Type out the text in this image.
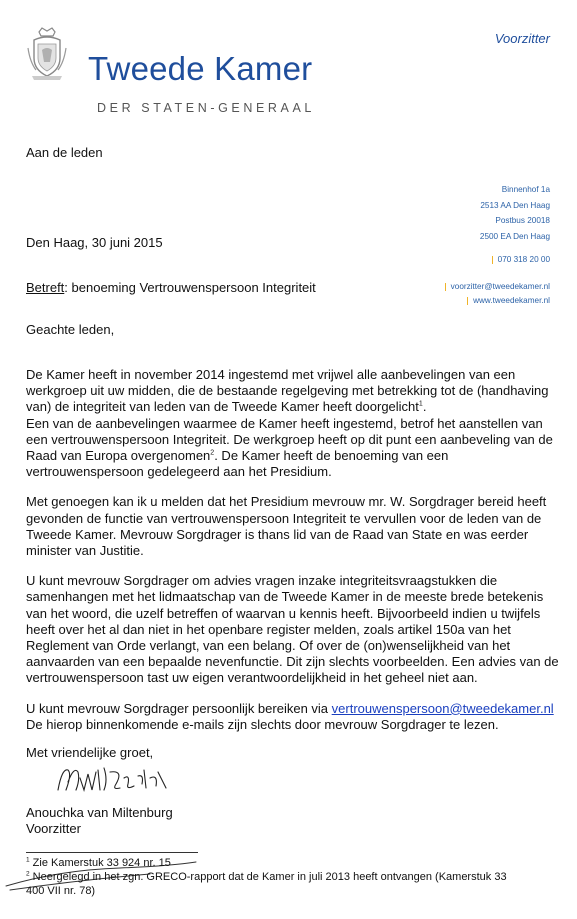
Tweede Kamer
DER STATEN-GENERAAL
Voorzitter
Aan de leden
Binnenhof 1a
2513 AA Den Haag
Postbus 20018
2500 EA Den Haag
070 318 20 00
voorzitter@tweedekamer.nl
www.tweedekamer.nl
Den Haag, 30 juni 2015
Betreft: benoeming Vertrouwenspersoon Integriteit
Geachte leden,

De Kamer heeft in november 2014 ingestemd met vrijwel alle aanbevelingen van een
werkgroep uit uw midden, die de bestaande regelgeving met betrekking tot de (handhaving
van) de integriteit van leden van de Tweede Kamer heeft doorgelicht$^1$.
Een van de aanbevelingen waarmee de Kamer heeft ingestemd, betrof het aanstellen van
een vertrouwenspersoon Integriteit. De werkgroep heeft op dit punt een aanbeveling van de
Raad van Europa overgenomen$^2$. De Kamer heeft de benoeming van een
vertrouwenspersoon gedelegeerd aan het Presidium.

Met genoegen kan ik u melden dat het Presidium mevrouw mr. W. Sorgdrager bereid heeft
gevonden de functie van vertrouwenspersoon Integriteit te vervullen voor de leden van de
Tweede Kamer. Mevrouw Sorgdrager is thans lid van de Raad van State en was eerder
minister van Justitie.

U kunt mevrouw Sorgdrager om advies vragen inzake integriteitsvraagstukken die
samenhangen met het lidmaatschap van de Tweede Kamer in de meeste brede betekenis
van het woord, die uzelf betreffen of waarvan u kennis heeft. Bijvoorbeeld indien u twijfels
heeft over het al dan niet in het openbare register melden, zoals artikel 150a van het
Reglement van Orde verlangt, van een belang. Of over de (on)wenselijkheid van het
aanvaarden van een bepaalde nevenfunctie. Dit zijn slechts voorbeelden. Een advies van de
vertrouwenspersoon tast uw eigen verantwoordelijkheid in het geheel niet aan.

U kunt mevrouw Sorgdrager persoonlijk bereiken via vertrouwenspersoon@tweedekamer.nl
De hierop binnenkomende e-mails zijn slechts door mevrouw Sorgdrager te lezen.

Met vriendelijke groet,
Anouchka van Miltenburg
Voorzitter
$^1$ Zie Kamerstuk 33 924 nr. 15
$^2$ Neergelegd in het zgn. GRECO-rapport dat de Kamer in juli 2013 heeft ontvangen (Kamerstuk 33
400 VII nr. 78)
